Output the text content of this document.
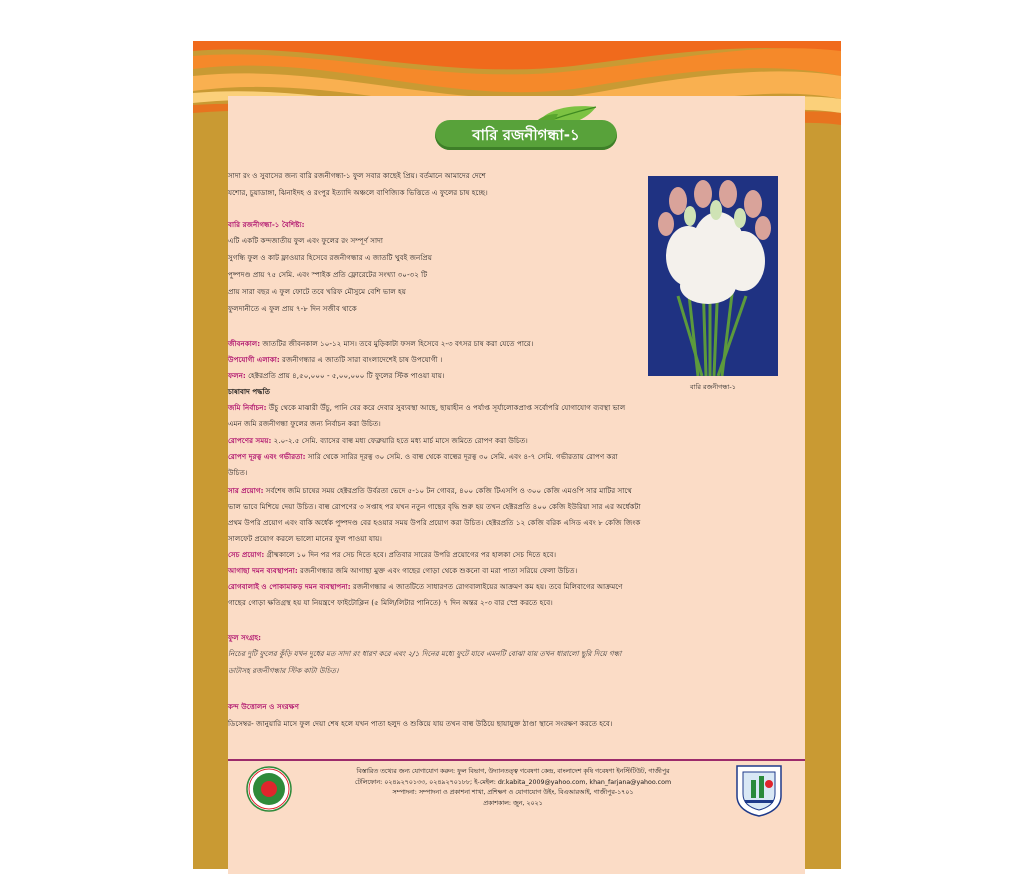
বারি রজনীগন্ধা-১
বারি রজনীগন্ধা-১
সাদা রং ও সুবাসের জন্য বারি রজনীগন্ধা-১ ফুল সবার কাছেই প্রিয়। বর্তমানে আমাদের দেশে
যশোর, চুয়াডাঙ্গা, ঝিনাইদহ ও রংপুর ইত্যাদি অঞ্চলে বাণিজ্যিক ভিত্তিতে এ ফুলের চাষ হচ্ছে।
বারি রজনীগন্ধা-১ বৈশিষ্ট্য:
এটি একটি কন্দজাতীয় ফুল এবং ফুলের রং সম্পূর্ণ সাদা
সুগন্ধি ফুল ও কাট ফ্লাওয়ার হিসেবে রজনীগন্ধার এ জাতটি খুবই জনপ্রিয়
পুষ্পদণ্ড প্রায় ৭৫ সেমি. এবং স্পাইক প্রতি ফ্লোরেটের সংখ্যা ৩০-৩২ টি
প্রায় সারা বছর এ ফুল ফোটে তবে খরিফ মৌসুমে বেশি ভাল হয়
ফুলদানীতে এ ফুল প্রায় ৭-৮ দিন সজীব থাকে
জীবনকাল: জাতটির জীবনকাল ১০-১২ মাস। তবে মুড়িকাটা ফসল হিসেবে ২-৩ বৎসর চাষ করা যেতে পারে।
উপযোগী এলাকা: রজনীগন্ধার এ জাতটি সারা বাংলাদেশেই চাষ উপযোগী ।
ফলন: হেক্টরপ্রতি প্রায় ৪,৫০,০০০ - ৫,০০,০০০ টি ফুলের স্টিক পাওয়া যায়।
চাষাবাদ পদ্ধতি
জমি নির্বাচন: উঁচু থেকে মাঝারী উঁচু, পানি বের করে দেবার সুব্যবস্থা আছে, ছায়াহীন ও পর্যাপ্ত সূর্যালোকপ্রাপ্ত সর্বোপরি যোগাযোগ ব্যবস্থা ভাল
এমন জমি রজনীগন্ধা ফুলের জন্য নির্বাচন করা উচিত।
রোপণের সময়: ২.০-২.৫ সেমি. ব্যাসের বাল্ব মধ্য ফেব্রুয়ারি হতে মধ্য মার্চ মাসে জমিতে রোপণ করা উচিত।
রোপণ দূরত্ব এবং গভীরতা: সারি থেকে সারির দূরত্ব ৩০ সেমি. ও বাল্ব থেকে বাল্বের দূরত্ব ৩০ সেমি. এবং ৪-৭ সেমি. গভীরতায় রোপণ করা
উচিত।
সার প্রয়োগ: সর্বশেষ জমি চাষের সময় হেক্টরপ্রতি উর্বরতা ভেদে ৫-১০ টন গোবর, ৪০০ কেজি টিএসপি ও ৩০০ কেজি এমওপি সার মাটির সাথে
ভাল ভাবে মিশিয়ে দেয়া উচিত। বাল্ব রোপণের ৩ সপ্তাহ পর যখন নতুন গাছের বৃদ্ধি শুরু হয় তখন হেক্টরপ্রতি ৪০০ কেজি ইউরিয়া সার এর অর্ধেকটা
প্রথম উপরি প্রয়োগ এবং বাকি অর্ধেক পুষ্পদণ্ড বের হওয়ার সময় উপরি প্রয়োগ করা উচিত। হেক্টরপ্রতি ১২ কেজি বরিক এসিড এবং ৮ কেজি জিংক
সালফেট প্রয়োগ করলে ভালো মানের ফুল পাওয়া যায়।
সেচ প্রয়োগ: গ্রীষ্মকালে ১০ দিন পর পর সেচ দিতে হবে। প্রতিবার সারের উপরি প্রয়োগের পর হালকা সেচ দিতে হবে।
আগাছা দমন ব্যবস্থাপনা: রজনীগন্ধার জমি আগাছা মুক্ত এবং গাছের গোড়া থেকে শুকনো বা মরা পাতা সরিয়ে ফেলা উচিত।
রোগবালাই ও পোকামাকড় দমন ব্যবস্থাপনা: রজনীগন্ধার এ জাতটিতে সাধারণত রোগবালাইয়ের আক্রমণ কম হয়। তবে মিলিবাগের আক্রমণে
গাছের গোড়া ক্ষতিগ্রস্থ হয় যা নিয়ন্ত্রণে ফাইটোক্লিন (৫ মিলি/লিটার পানিতে) ৭ দিন অন্তর ২-৩ বার স্প্রে করতে হবে।
ফুল সংগ্রহ:
নিচের দুটি ফুলের কুঁড়ি যখন দুধের মত সাদা রং ধারণ করে এবং ২/১ দিনের মধ্যে ফুটে যাবে এমনটি বোঝা যায় তখন ধারালো ছুরি দিয়ে গন্ধা
ডাটাসহ রজনীগন্ধার স্টিক কাটা উচিত।
কন্দ উত্তোলন ও সংরক্ষণ
ডিসেম্বর- জানুয়ারি মাসে ফুল দেয়া শেষ হলে যখন পাতা হলুদ ও শুকিয়ে যায় তখন বাল্ব উঠিয়ে ছায়াযুক্ত ঠাণ্ডা স্থানে সংরক্ষণ করতে হবে।
বিস্তারিত তথ্যের জন্য যোগাযোগ করুন: ফুল বিভাগ, উদ্যানতত্ত্ব গবেষণা কেন্দ্র, বাংলাদেশ কৃষি গবেষণা ইনস্টিটিউট, গাজীপুর
টেলিফোন: ০২৪৯২৭০১৩৩, ০২৪৯২৭০১৮৮; ই-মেইল: dr.kabita_2009@yahoo.com, khan_farjana@yahoo.com
সম্পাদনা: সম্পাদনা ও প্রকাশনা শাখা, প্রশিক্ষণ ও যোগাযোগ উইং, বিএআরআই, গাজীপুর-১৭০১
প্রকাশকাল: জুন, ২০২১
